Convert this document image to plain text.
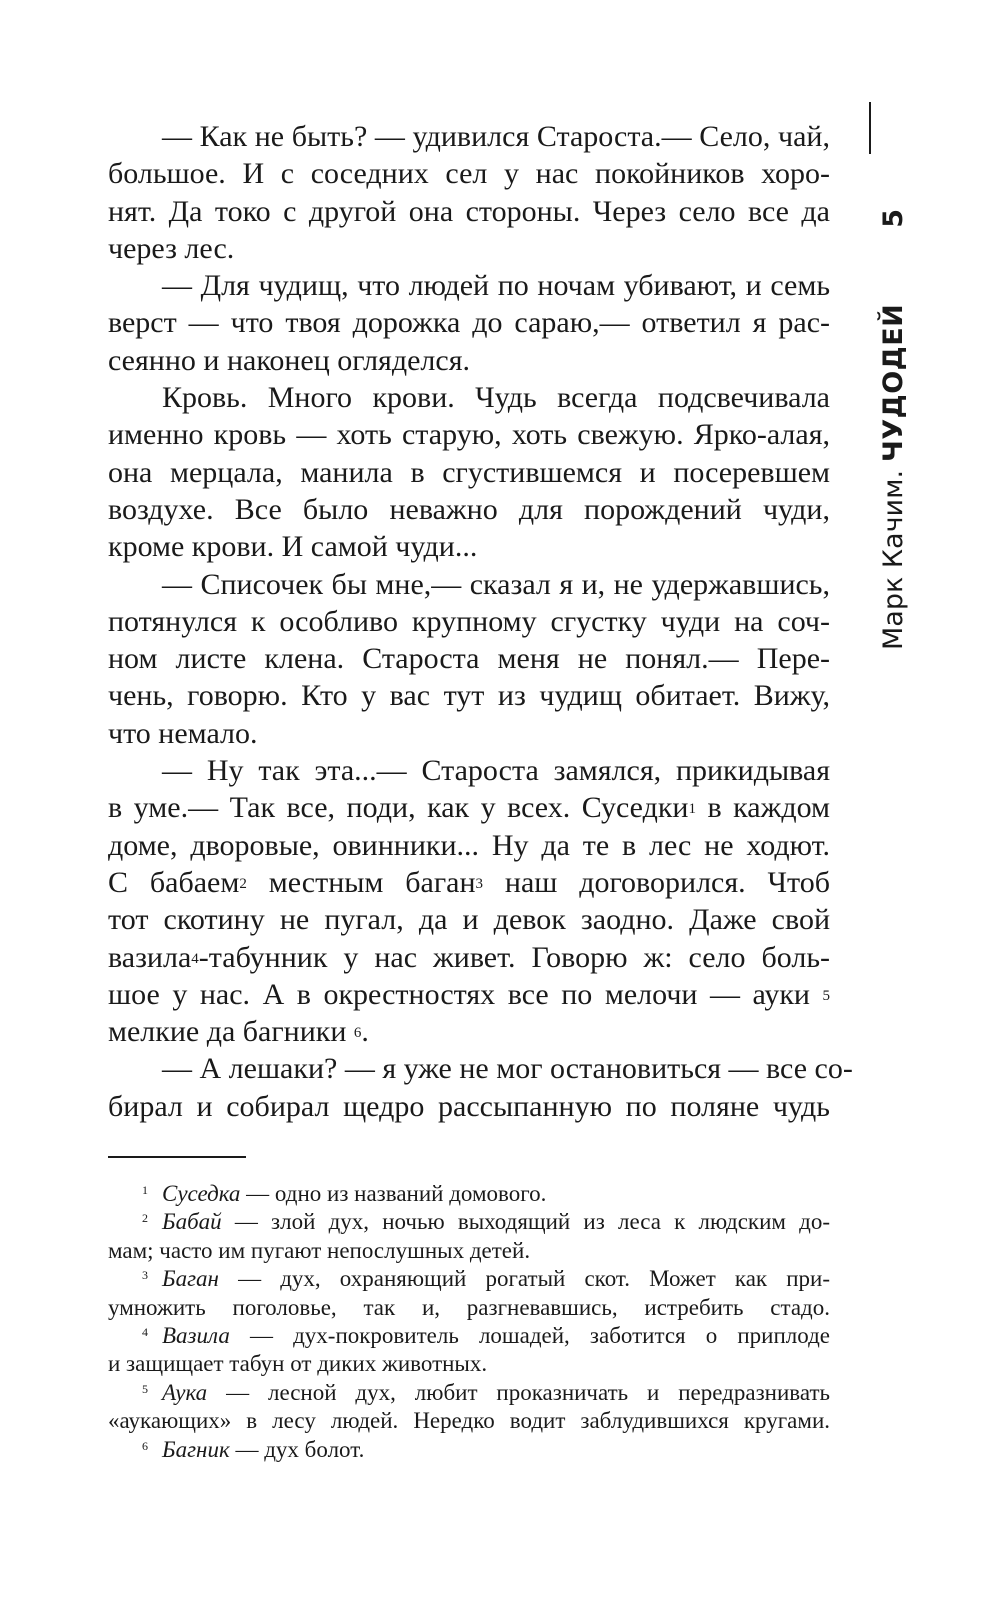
Марк Качим.ЧУДОДЕЙ5
— Как не быть? — удивился Староста.— Село, чай,
большое. И с соседних сел у нас покойников хоро-
нят. Да токо с другой она стороны. Через село все да
через лес.
— Для чудищ, что людей по ночам убивают, и семь
верст — что твоя дорожка до сараю,— ответил я рас-
сеянно и наконец огляделся.
Кровь. Много крови. Чудь всегда подсвечивала
именно кровь — хоть старую, хоть свежую. Ярко-алая,
она мерцала, манила в сгустившемся и посеревшем
воздухе. Все было неважно для порождений чуди,
кроме крови. И самой чуди...
— Списочек бы мне,— сказал я и, не удержавшись,
потянулся к особливо крупному сгустку чуди на соч-
ном листе клена. Староста меня не понял.— Пере-
чень, говорю. Кто у вас тут из чудищ обитает. Вижу,
что немало.
— Ну так эта...— Староста замялся, прикидывая
в уме.— Так все, поди, как у всех. Суседки$^1$ в каждом
доме, дворовые, овинники... Ну да те в лес не ходют.
С бабаем$^2$ местным баган$^3$ наш договорился. Чтоб
тот скотину не пугал, да и девок заодно. Даже свой
вазила$^4$-табунник у нас живет. Говорю ж: село боль-
шое у нас. А в окрестностях все по мелочи — ауки $^5$
мелкие да багники $^6$.
— А лешаки? — я уже не мог остановиться — все со-
бирал и собирал щедро рассыпанную по поляне чудь
$^1$ Суседка — одно из названий домового.
$^2$ Бабай — злой дух, ночью выходящий из леса к людским до-
мам; часто им пугают непослушных детей.
$^3$ Баган — дух, охраняющий рогатый скот. Может как при-
умножить поголовье, так и, разгневавшись, истребить стадо.
$^4$ Вазила — дух-покровитель лошадей, заботится о приплоде
и защищает табун от диких животных.
$^5$ Аука — лесной дух, любит проказничать и передразнивать
«аукающих» в лесу людей. Нередко водит заблудившихся кругами.
$^6$ Багник — дух болот.
